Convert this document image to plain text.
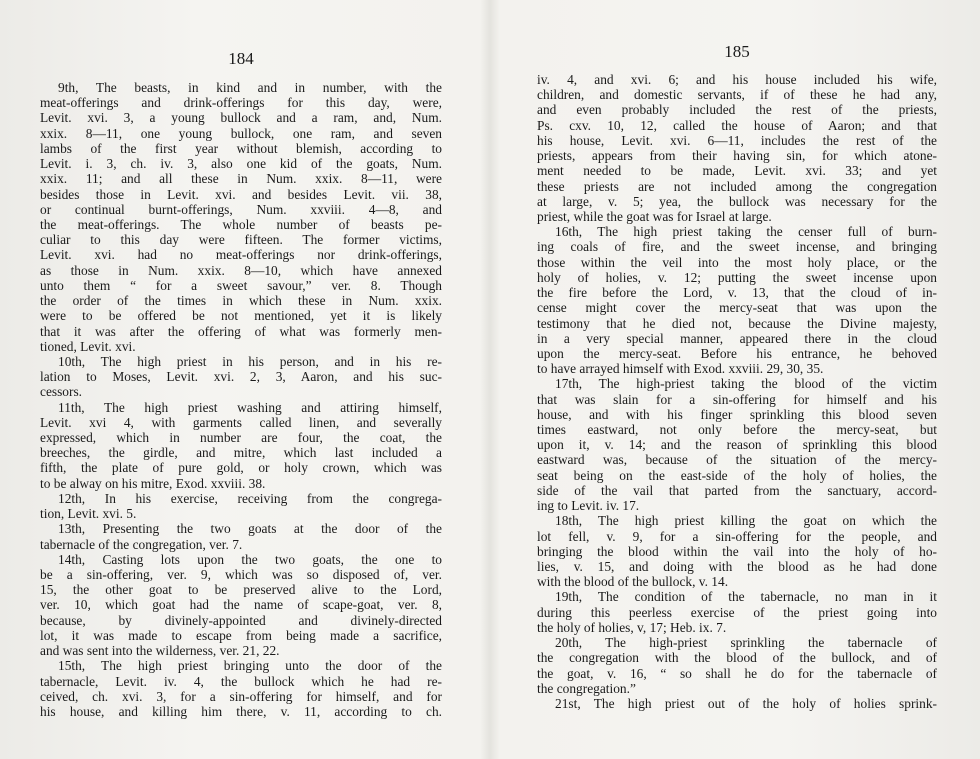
184
9th, The beasts, in kind and in number, with the
meat-offerings and drink-offerings for this day, were,
Levit. xvi. 3, a young bullock and a ram, and, Num.
xxix. 8—11, one young bullock, one ram, and seven
lambs of the first year without blemish, according to
Levit. i. 3, ch. iv. 3, also one kid of the goats, Num.
xxix. 11; and all these in Num. xxix. 8—11, were
besides those in Levit. xvi. and besides Levit. vii. 38,
or continual burnt-offerings, Num. xxviii. 4—8, and
the meat-offerings. The whole number of beasts pe-
culiar to this day were fifteen. The former victims,
Levit. xvi. had no meat-offerings nor drink-offerings,
as those in Num. xxix. 8—10, which have annexed
unto them “ for a sweet savour,” ver. 8. Though
the order of the times in which these in Num. xxix.
were to be offered be not mentioned, yet it is likely
that it was after the offering of what was formerly men-
tioned, Levit. xvi.
10th, The high priest in his person, and in his re-
lation to Moses, Levit. xvi. 2, 3, Aaron, and his suc-
cessors.
11th, The high priest washing and attiring himself,
Levit. xvi 4, with garments called linen, and severally
expressed, which in number are four, the coat, the
breeches, the girdle, and mitre, which last included a
fifth, the plate of pure gold, or holy crown, which was
to be alway on his mitre, Exod. xxviii. 38.
12th, In his exercise, receiving from the congrega-
tion, Levit. xvi. 5.
13th, Presenting the two goats at the door of the
tabernacle of the congregation, ver. 7.
14th, Casting lots upon the two goats, the one to
be a sin-offering, ver. 9, which was so disposed of, ver.
15, the other goat to be preserved alive to the Lord,
ver. 10, which goat had the name of scape-goat, ver. 8,
because, by divinely-appointed and divinely-directed
lot, it was made to escape from being made a sacrifice,
and was sent into the wilderness, ver. 21, 22.
15th, The high priest bringing unto the door of the
tabernacle, Levit. iv. 4, the bullock which he had re-
ceived, ch. xvi. 3, for a sin-offering for himself, and for
his house, and killing him there, v. 11, according to ch.
185
iv. 4, and xvi. 6; and his house included his wife,
children, and domestic servants, if of these he had any,
and even probably included the rest of the priests,
Ps. cxv. 10, 12, called the house of Aaron; and that
his house, Levit. xvi. 6—11, includes the rest of the
priests, appears from their having sin, for which atone-
ment needed to be made, Levit. xvi. 33; and yet
these priests are not included among the congregation
at large, v. 5; yea, the bullock was necessary for the
priest, while the goat was for Israel at large.
16th, The high priest taking the censer full of burn-
ing coals of fire, and the sweet incense, and bringing
those within the veil into the most holy place, or the
holy of holies, v. 12; putting the sweet incense upon
the fire before the Lord, v. 13, that the cloud of in-
cense might cover the mercy-seat that was upon the
testimony that he died not, because the Divine majesty,
in a very special manner, appeared there in the cloud
upon the mercy-seat. Before his entrance, he behoved
to have arrayed himself with Exod. xxviii. 29, 30, 35.
17th, The high-priest taking the blood of the victim
that was slain for a sin-offering for himself and his
house, and with his finger sprinkling this blood seven
times eastward, not only before the mercy-seat, but
upon it, v. 14; and the reason of sprinkling this blood
eastward was, because of the situation of the mercy-
seat being on the east-side of the holy of holies, the
side of the vail that parted from the sanctuary, accord-
ing to Levit. iv. 17.
18th, The high priest killing the goat on which the
lot fell, v. 9, for a sin-offering for the people, and
bringing the blood within the vail into the holy of ho-
lies, v. 15, and doing with the blood as he had done
with the blood of the bullock, v. 14.
19th, The condition of the tabernacle, no man in it
during this peerless exercise of the priest going into
the holy of holies, v, 17; Heb. ix. 7.
20th, The high-priest sprinkling the tabernacle of
the congregation with the blood of the bullock, and of
the goat, v. 16, “ so shall he do for the tabernacle of
the congregation.”
21st, The high priest out of the holy of holies sprink-
